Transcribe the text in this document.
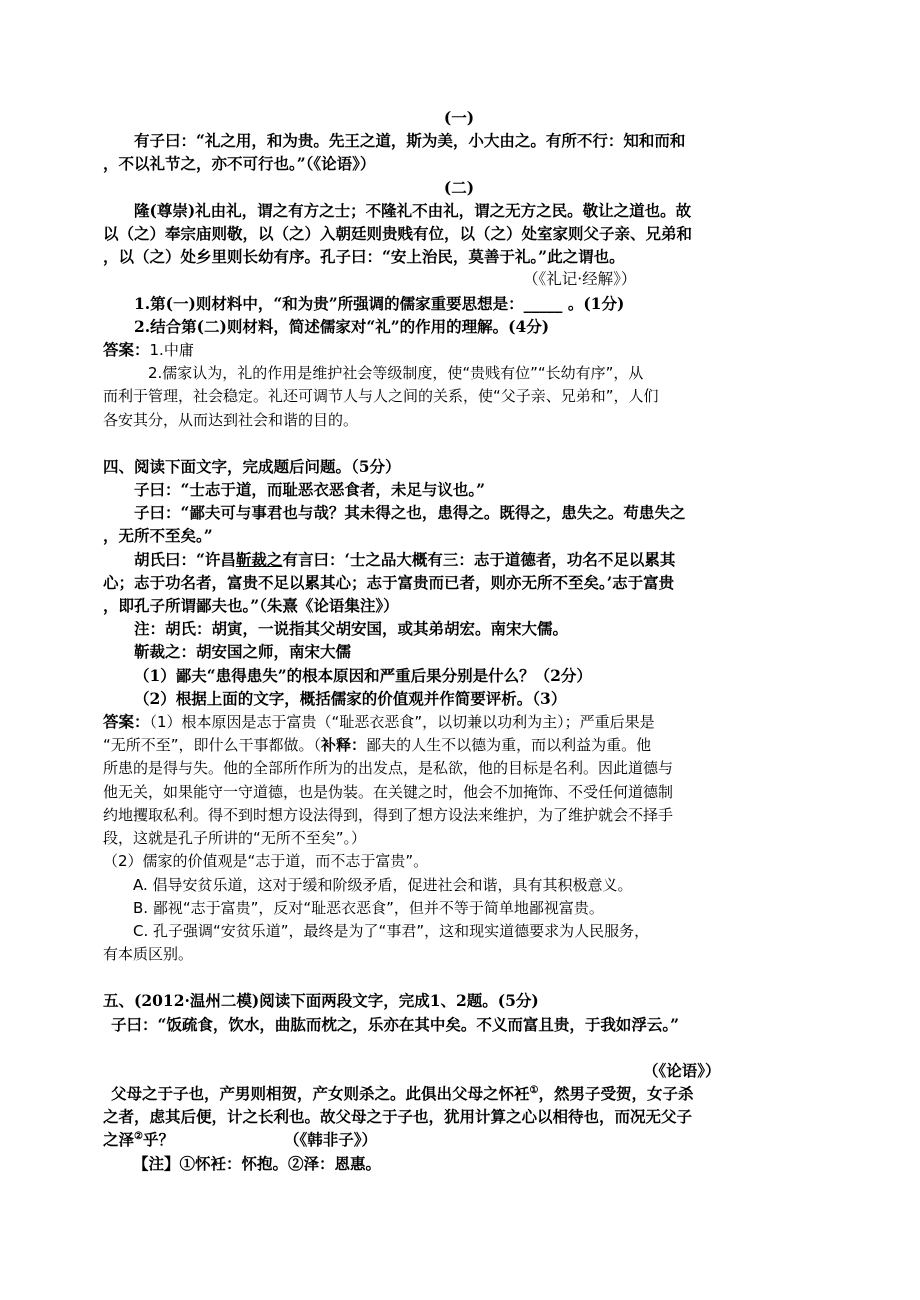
(一)

有子曰：“礼之用，和为贵。先王之道，斯为美，小大由之。有所不行：知和而和

，不以礼节之，亦不可行也。”（《论语》）

(二)

隆(尊崇)礼由礼，谓之有方之士；不隆礼不由礼，谓之无方之民。敬让之道也。故

以（之）奉宗庙则敬，以（之）入朝廷则贵贱有位，以（之）处室家则父子亲、兄弟和

，以（之）处乡里则长幼有序。孔子曰：“安上治民，莫善于礼。”此之谓也。

（《礼记·经解》）

1.第(一)则材料中，“和为贵”所强调的儒家重要思想是：_____ 。(1分)

2.结合第(二)则材料，简述儒家对“礼”的作用的理解。(4分)

答案：1.中庸

2.儒家认为，礼的作用是维护社会等级制度，使“贵贱有位”“长幼有序”，从

而利于管理，社会稳定。礼还可调节人与人之间的关系，使“父子亲、兄弟和”，人们

各安其分，从而达到社会和谐的目的。

四、阅读下面文字，完成题后问题。（5分）

子曰：“士志于道，而耻恶衣恶食者，未足与议也。”

子曰：“鄙夫可与事君也与哉？其未得之也，患得之。既得之，患失之。苟患失之

，无所不至矣。”

胡氏曰：“许昌靳裁之有言曰：‘士之品大概有三：志于道德者，功名不足以累其

心；志于功名者，富贵不足以累其心；志于富贵而已者，则亦无所不至矣。’志于富贵

，即孔子所谓鄙夫也。”（朱熹《论语集注》）

注：胡氏：胡寅，一说指其父胡安国，或其弟胡宏。南宋大儒。

靳裁之：胡安国之师，南宋大儒

（1）鄙夫“患得患失”的根本原因和严重后果分别是什么？（2分）

（2）根据上面的文字，概括儒家的价值观并作简要评析。（3）

答案：（1）根本原因是志于富贵（“耻恶衣恶食”，以切兼以功利为主）；严重后果是

“无所不至”，即什么干事都做。（补释：鄙夫的人生不以德为重，而以利益为重。他

所患的是得与失。他的全部所作所为的出发点，是私欲，他的目标是名利。因此道德与

他无关，如果能守一守道德，也是伪装。在关键之时，他会不加掩饰、不受任何道德制

约地攫取私利。得不到时想方设法得到，得到了想方设法来维护，为了维护就会不择手

段，这就是孔子所讲的“无所不至矣”。）

（2）儒家的价值观是“志于道，而不志于富贵”。

A. 倡导安贫乐道，这对于缓和阶级矛盾，促进社会和谐，具有其积极意义。

B. 鄙视“志于富贵”，反对“耻恶衣恶食”，但并不等于简单地鄙视富贵。

C. 孔子强调“安贫乐道”，最终是为了“事君”，这和现实道德要求为人民服务，

有本质区别。

五、(2012·温州二模)阅读下面两段文字，完成1、2题。(5分)

子曰：“饭疏食，饮水，曲肱而枕之，乐亦在其中矣。不义而富且贵，于我如浮云。”

（《论语》）

父母之于子也，产男则相贺，产女则杀之。此俱出父母之怀衽①，然男子受贺，女子杀

之者，虑其后便，计之长利也。故父母之于子也，犹用计算之心以相待也，而况无父子

之泽②乎？	（《韩非子》）

【注】①怀衽：怀抱。②泽：恩惠。
